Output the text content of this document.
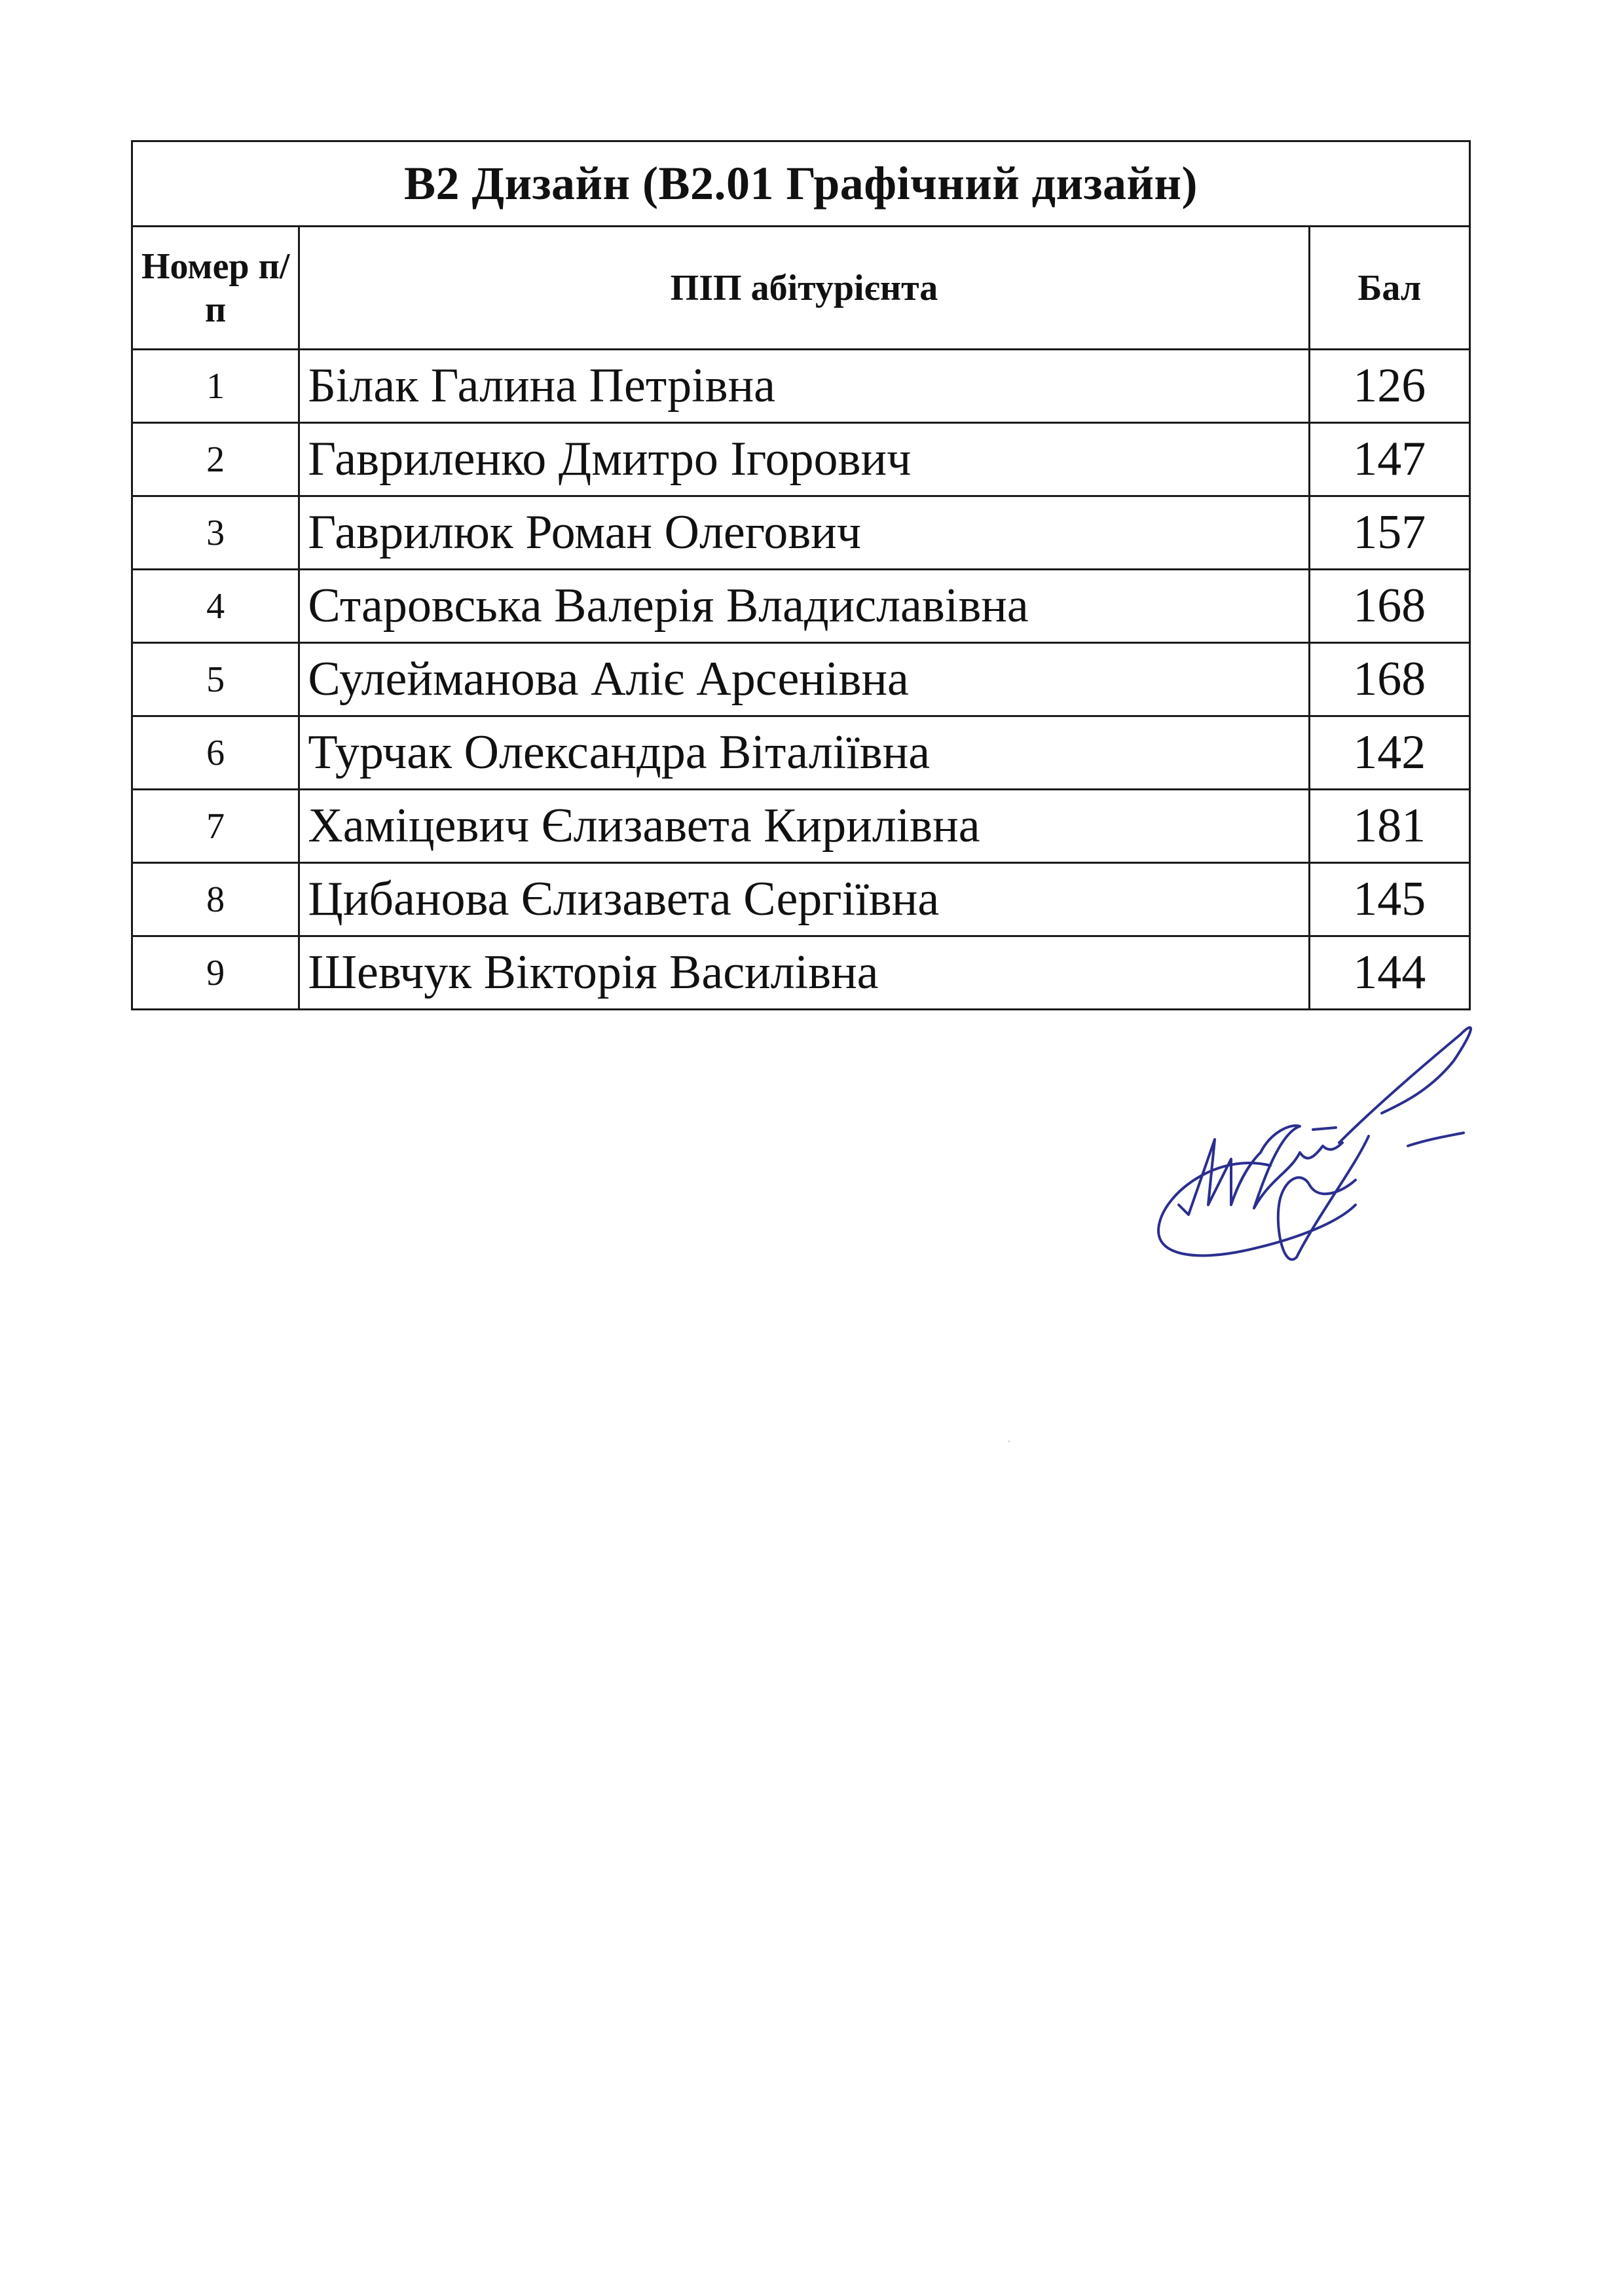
В2 Дизайн (В2.01 Графічний дизайн)		
Номер п/п	ПІП абітурієнта	Бал
1	Білак Галина Петрівна	126
2	Гавриленко Дмитро Ігорович	147
3	Гаврилюк Роман Олегович	157
4	Старовська Валерія Владиславівна	168
5	Сулейманова Аліє Арсенівна	168
6	Турчак Олександра Віталіївна	142
7	Хаміцевич Єлизавета Кирилівна	181
8	Цибанова Єлизавета Сергіївна	145
9	Шевчук Вікторія Василівна	144
